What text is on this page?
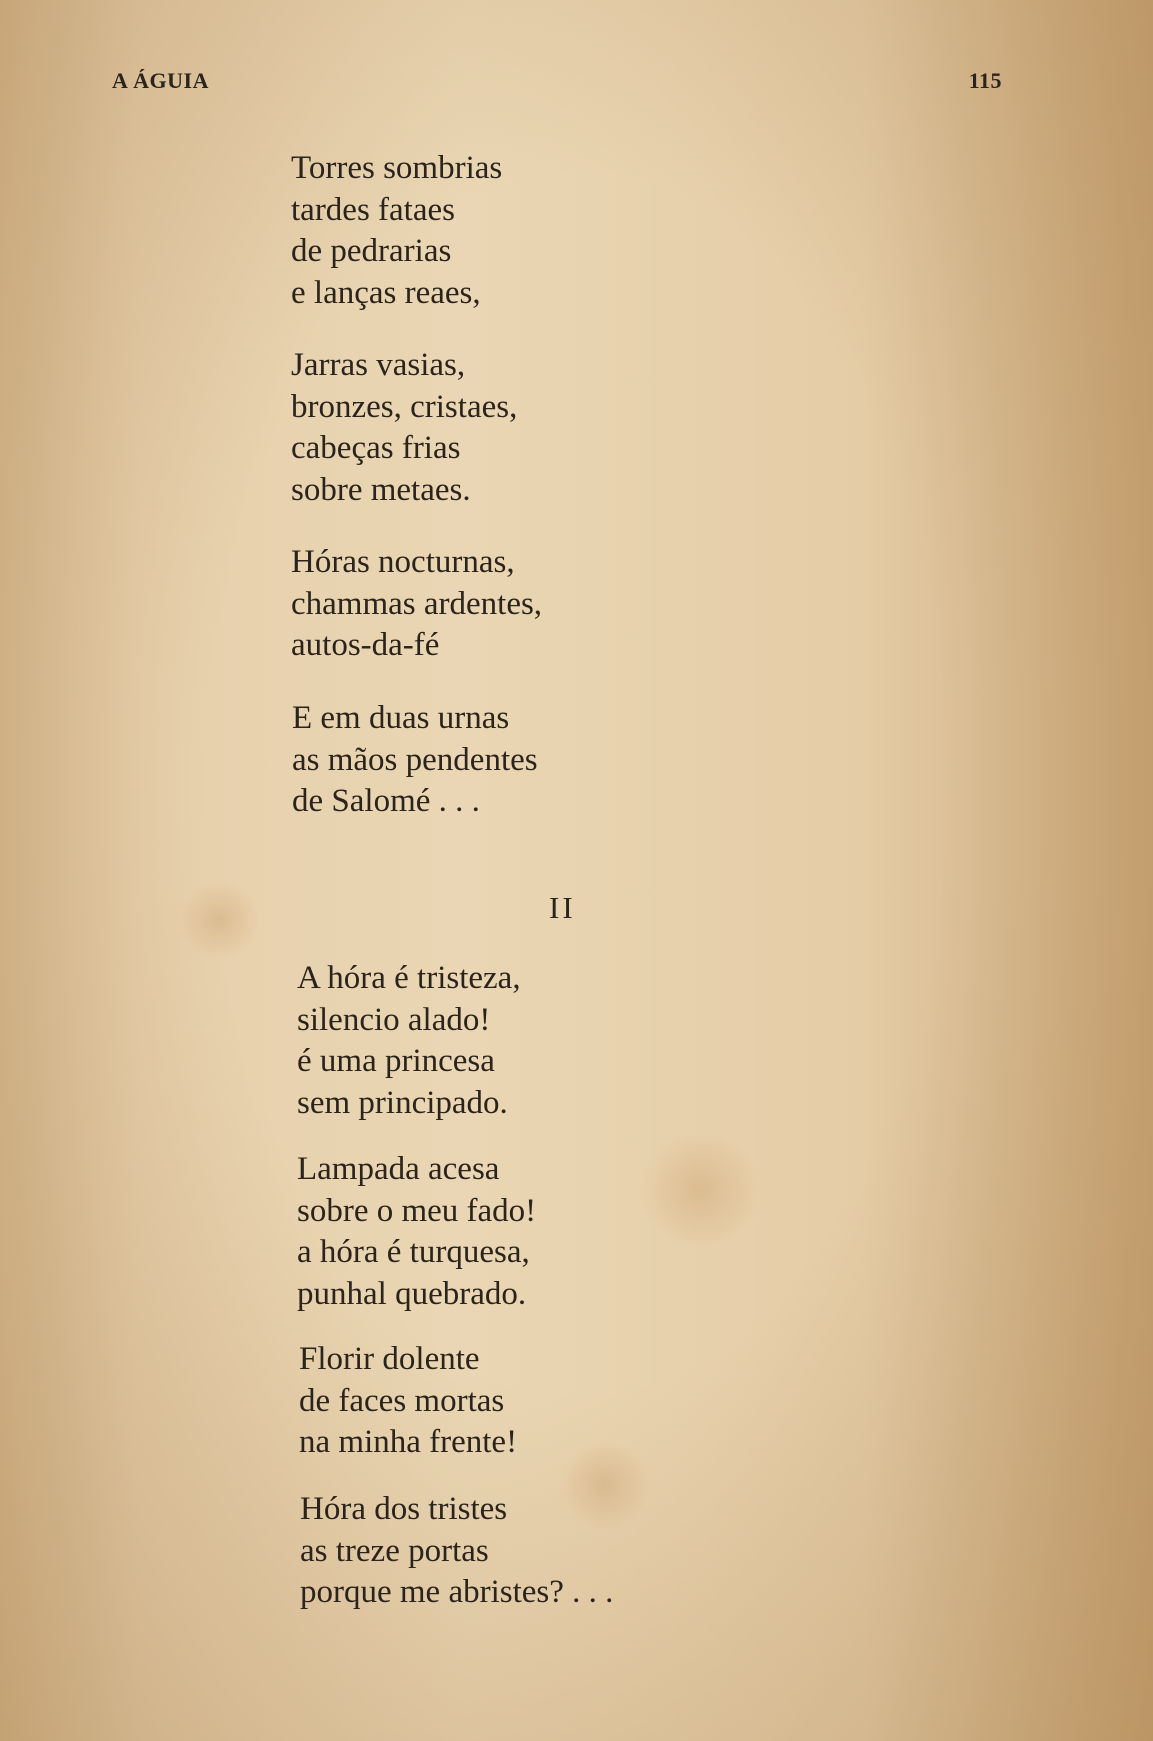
A ÁGUIA	115
Torres sombrias
tardes fataes
de pedrarias
e lanças reaes,
Jarras vasias,
bronzes, cristaes,
cabeças frias
sobre metaes.
Hóras nocturnas,
chammas ardentes,
autos-da-fé
E em duas urnas
as mãos pendentes
de Salomé . . .
II
A hóra é tristeza,
silencio alado!
é uma princesa
sem principado.
Lampada acesa
sobre o meu fado!
a hóra é turquesa,
punhal quebrado.
Florir dolente
de faces mortas
na minha frente!
Hóra dos tristes
as treze portas
porque me abristes? . . .
